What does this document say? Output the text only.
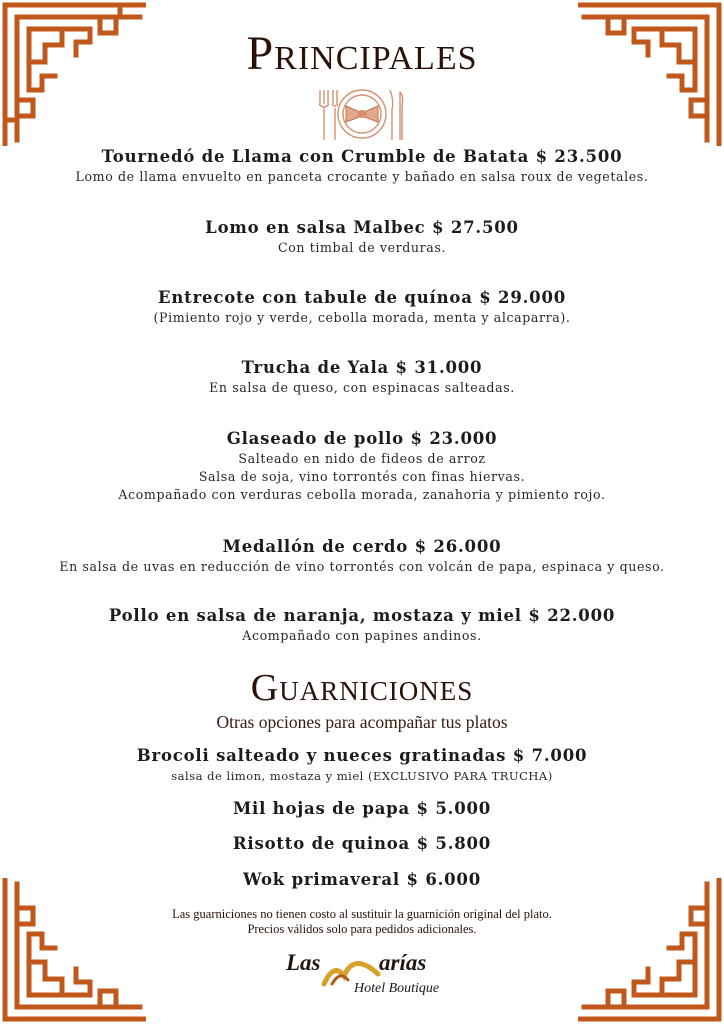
Principales
Tournedó de Llama con Crumble de Batata $ 23.500
Lomo de llama envuelto en panceta crocante y bañado en salsa roux de vegetales.
Lomo en salsa Malbec $ 27.500
Con timbal de verduras.
Entrecote con tabule de quínoa $ 29.000
(Pimiento rojo y verde, cebolla morada, menta y alcaparra).
Trucha de Yala $ 31.000
En salsa de queso, con espinacas salteadas.
Glaseado de pollo $ 23.000
Salteado en nido de fideos de arroz
Salsa de soja, vino torrontés con finas hiervas.
Acompañado con verduras cebolla morada, zanahoria y pimiento rojo.
Medallón de cerdo $ 26.000
En salsa de uvas en reducción de vino torrontés con volcán de papa, espinaca y queso.
Pollo en salsa de naranja, mostaza y miel $ 22.000
Acompañado con papines andinos.
Guarniciones
Otras opciones para acompañar tus platos
Brocoli salteado y nueces gratinadas $ 7.000
salsa de limon, mostaza y miel (EXCLUSIVO PARA TRUCHA)
Mil hojas de papa $ 5.000
Risotto de quinoa $ 5.800
Wok primaveral $ 6.000
Las guarniciones no tienen costo al sustituir la guarnición original del plato.
Precios válidos solo para pedidos adicionales.
Las	arías
Hotel Boutique
